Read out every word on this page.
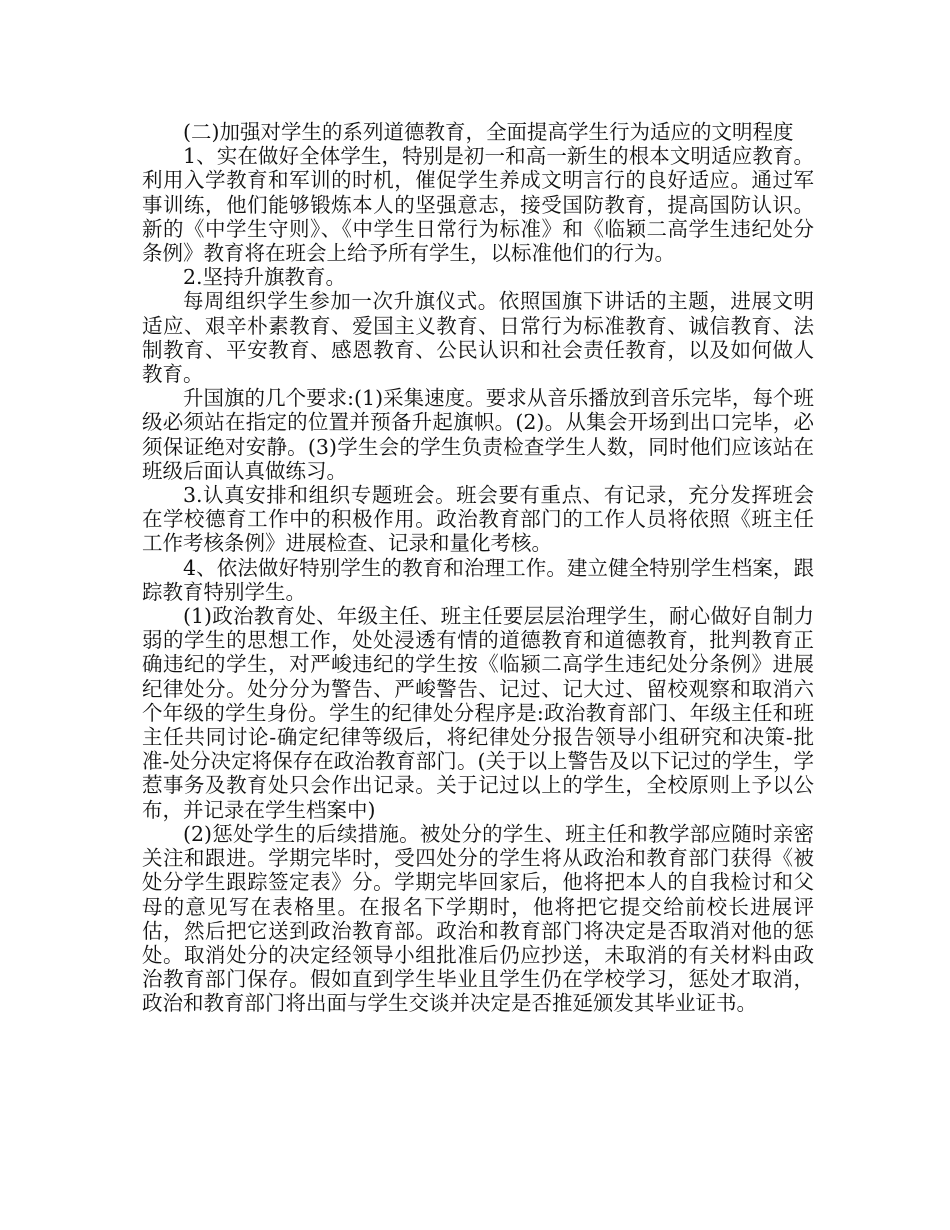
(二)加强对学生的系列道德教育，全面提高学生行为适应的文明程度

1、实在做好全体学生，特别是初一和高一新生的根本文明适应教育。利用入学教育和军训的时机，催促学生养成文明言行的良好适应。通过军事训练，他们能够锻炼本人的坚强意志，接受国防教育，提高国防认识。新的《中学生守则》、《中学生日常行为标准》和《临颖二高学生违纪处分条例》教育将在班会上给予所有学生，以标准他们的行为。

2.坚持升旗教育。

每周组织学生参加一次升旗仪式。依照国旗下讲话的主题，进展文明适应、艰辛朴素教育、爱国主义教育、日常行为标准教育、诚信教育、法制教育、平安教育、感恩教育、公民认识和社会责任教育，以及如何做人教育。

升国旗的几个要求:(1)采集速度。要求从音乐播放到音乐完毕，每个班级必须站在指定的位置并预备升起旗帜。(2)。从集会开场到出口完毕，必须保证绝对安静。(3)学生会的学生负责检查学生人数，同时他们应该站在班级后面认真做练习。

3.认真安排和组织专题班会。班会要有重点、有记录，充分发挥班会在学校德育工作中的积极作用。政治教育部门的工作人员将依照《班主任工作考核条例》进展检查、记录和量化考核。

4、依法做好特别学生的教育和治理工作。建立健全特别学生档案，跟踪教育特别学生。

(1)政治教育处、年级主任、班主任要层层治理学生，耐心做好自制力弱的学生的思想工作，处处浸透有情的道德教育和道德教育，批判教育正确违纪的学生，对严峻违纪的学生按《临颍二高学生违纪处分条例》进展纪律处分。处分分为警告、严峻警告、记过、记大过、留校观察和取消六个年级的学生身份。学生的纪律处分程序是:政治教育部门、年级主任和班主任共同讨论-确定纪律等级后，将纪律处分报告领导小组研究和决策-批准-处分决定将保存在政治教育部门。(关于以上警告及以下记过的学生，学惹事务及教育处只会作出记录。关于记过以上的学生，全校原则上予以公布，并记录在学生档案中)

(2)惩处学生的后续措施。被处分的学生、班主任和教学部应随时亲密关注和跟进。学期完毕时，受四处分的学生将从政治和教育部门获得《被处分学生跟踪签定表》分。学期完毕回家后，他将把本人的自我检讨和父母的意见写在表格里。在报名下学期时，他将把它提交给前校长进展评估，然后把它送到政治教育部。政治和教育部门将决定是否取消对他的惩处。取消处分的决定经领导小组批准后仍应抄送，未取消的有关材料由政治教育部门保存。假如直到学生毕业且学生仍在学校学习，惩处才取消，政治和教育部门将出面与学生交谈并决定是否推延颁发其毕业证书。
